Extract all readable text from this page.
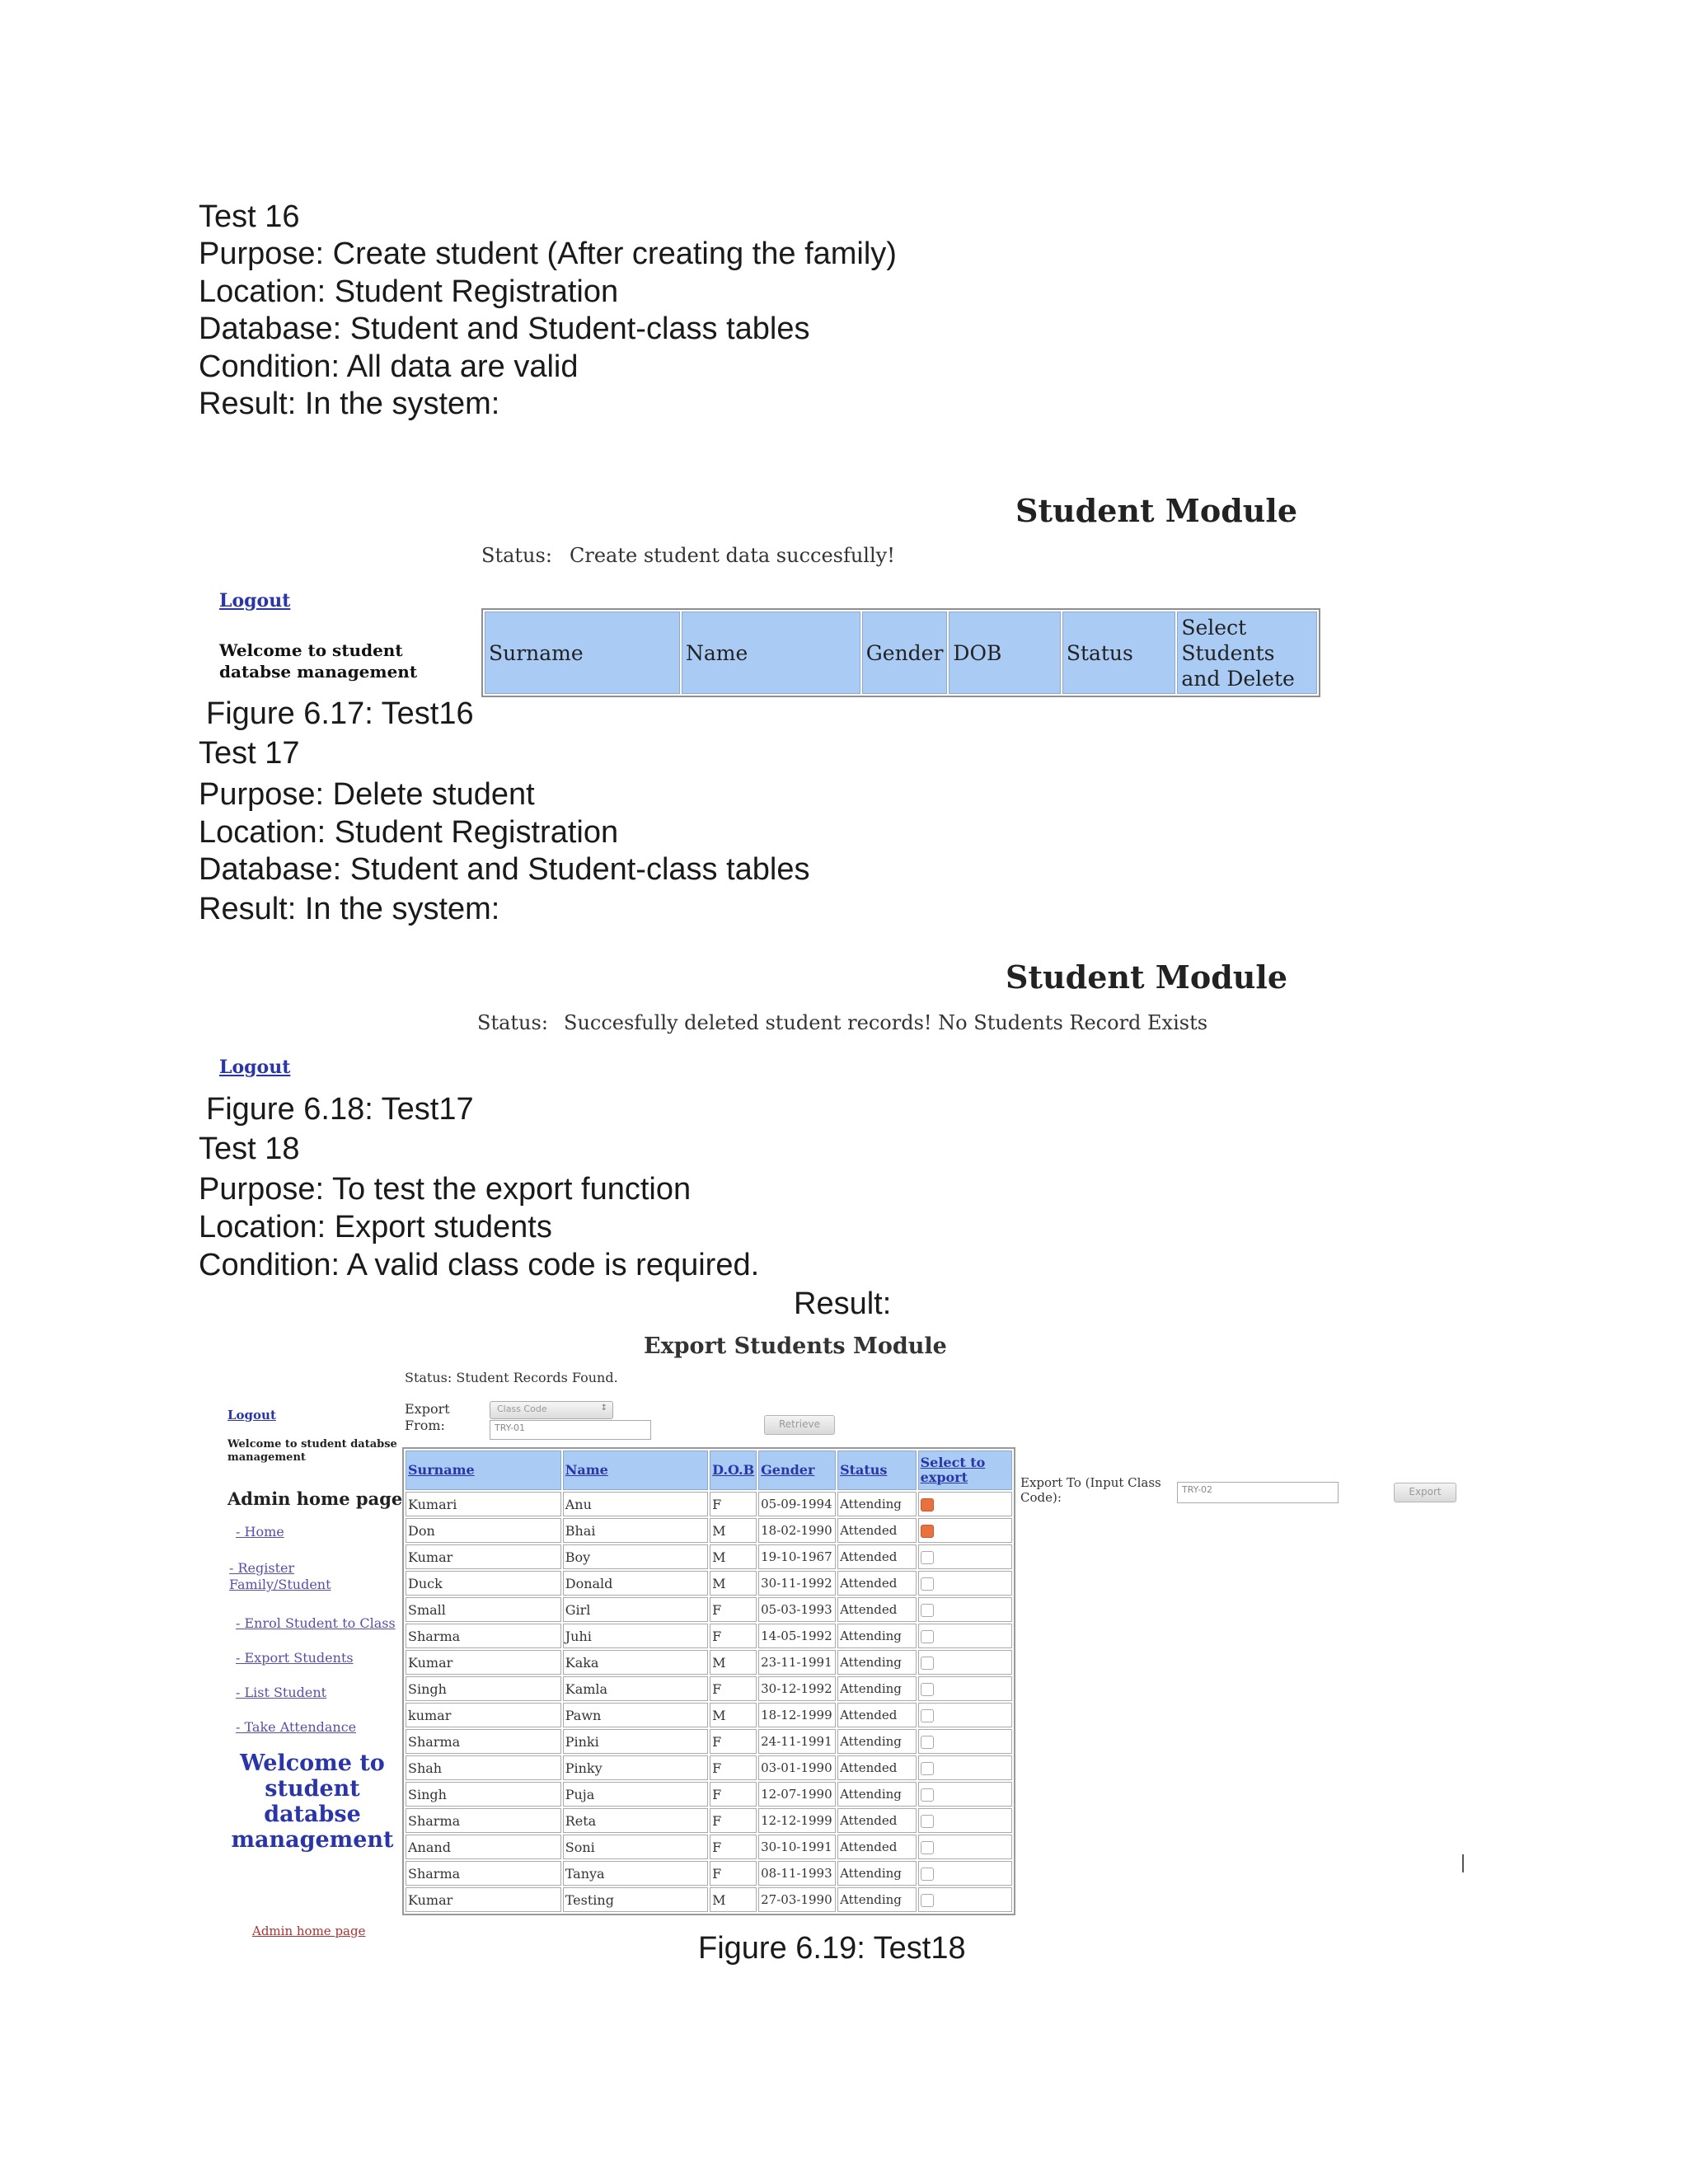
Test 16
Purpose: Create student (After creating the family)
Location: Student Registration
Database: Student and Student-class tables
Condition: All data are valid
Result: In the system:
Student Module
Status: Create student data succesfully!
Logout
Welcome to student databse management
Surname	Name	Gender	DOB	Status	Select Students and Delete
Figure 6.17: Test16
Test 17
Purpose: Delete student
Location: Student Registration
Database: Student and Student-class tables
Result: In the system:
Student Module
Status: Succesfully deleted student records! No Students Record Exists
Logout
Figure 6.18: Test17
Test 18
Purpose: To test the export function
Location: Export students
Condition: A valid class code is required.
Result:
Export Students Module
Status: Student Records Found.
Export From:
Class Code	↕
TRY-01	Retrieve
Export To (Input Class Code):
TRY-02	Export
Logout
Welcome to student databse management
Admin home page
- Home
- Register Family/Student
- Enrol Student to Class
- Export Students
- List Student
- Take Attendance
Welcome to student databse management
Admin home page
Surname	Name	D.O.B	Gender	Status	Select to export
Kumari	Anu	F	05-09-1994	Attending	
Don	Bhai	M	18-02-1990	Attended	
Kumar	Boy	M	19-10-1967	Attended	
Duck	Donald	M	30-11-1992	Attended	
Small	Girl	F	05-03-1993	Attended	
Sharma	Juhi	F	14-05-1992	Attending	
Kumar	Kaka	M	23-11-1991	Attending	
Singh	Kamla	F	30-12-1992	Attending	
kumar	Pawn	M	18-12-1999	Attended	
Sharma	Pinki	F	24-11-1991	Attending	
Shah	Pinky	F	03-01-1990	Attended	
Singh	Puja	F	12-07-1990	Attending	
Sharma	Reta	F	12-12-1999	Attended	
Anand	Soni	F	30-10-1991	Attended	
Sharma	Tanya	F	08-11-1993	Attending	
Kumar	Testing	M	27-03-1990	Attending	
Figure 6.19: Test18
